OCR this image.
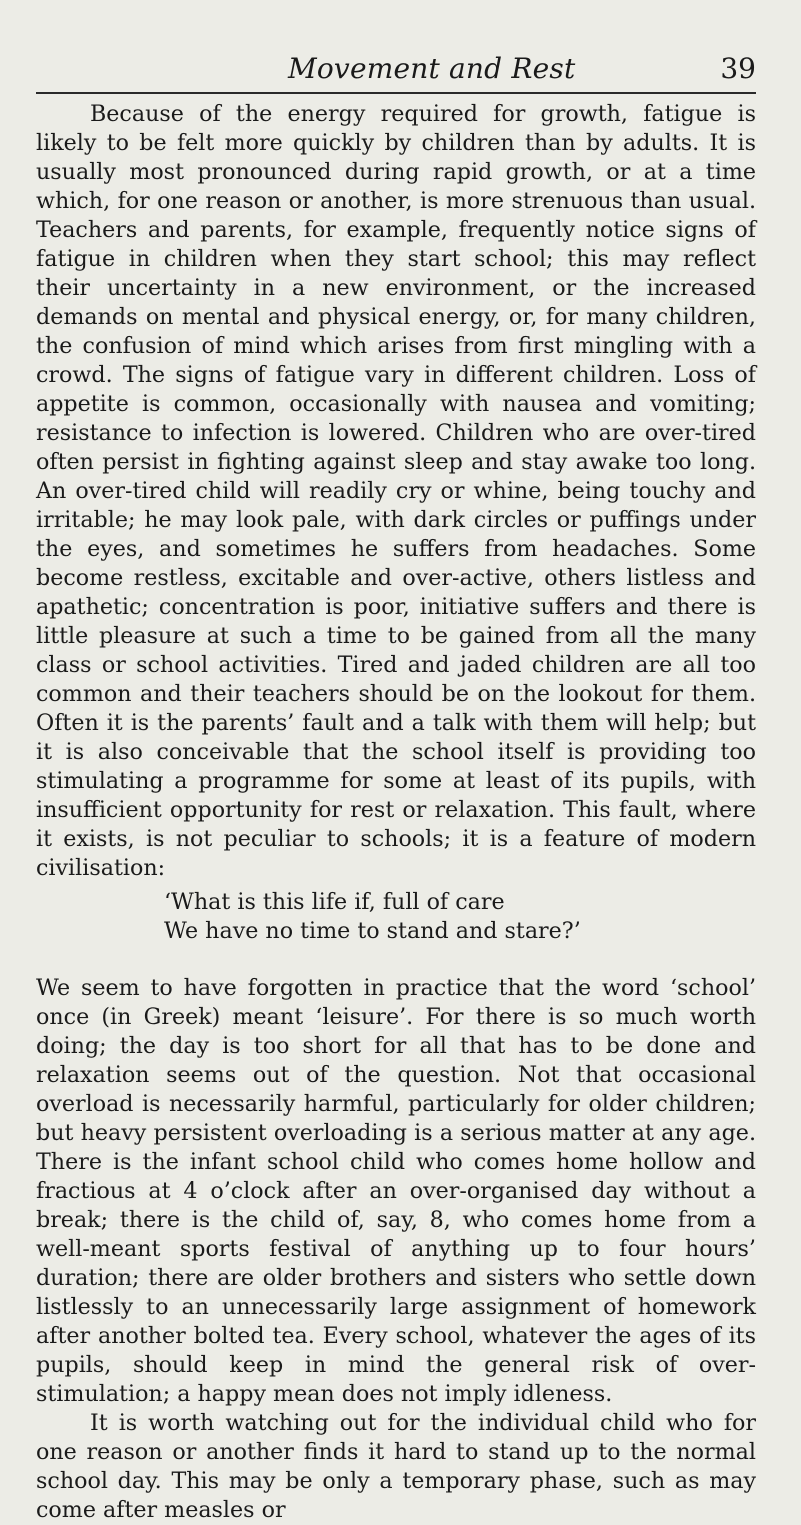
Movement and Rest	39

Because of the energy required for growth, fatigue is likely to be felt more quickly by children than by adults. It is usually most pronounced during rapid growth, or at a time which, for one reason or another, is more strenuous than usual. Teachers and parents, for example, frequently notice signs of fatigue in children when they start school; this may reflect their uncertainty in a new environment, or the increased demands on mental and physical energy, or, for many children, the confusion of mind which arises from first mingling with a crowd. The signs of fatigue vary in different children. Loss of appetite is common, occasionally with nausea and vomiting; resistance to infection is lowered. Children who are over-tired often persist in fighting against sleep and stay awake too long. An over-tired child will readily cry or whine, being touchy and irritable; he may look pale, with dark circles or puffings under the eyes, and sometimes he suffers from headaches. Some become restless, excitable and over-active, others listless and apathetic; concentration is poor, initiative suffers and there is little pleasure at such a time to be gained from all the many class or school activities. Tired and jaded children are all too common and their teachers should be on the lookout for them. Often it is the parents’ fault and a talk with them will help; but it is also conceivable that the school itself is providing too stimulating a programme for some at least of its pupils, with insufficient opportunity for rest or relaxation. This fault, where it exists, is not peculiar to schools; it is a feature of modern civilisation:

‘What is this life if, full of care
We have no time to stand and stare?’

We seem to have forgotten in practice that the word ‘school’ once (in Greek) meant ‘leisure’. For there is so much worth doing; the day is too short for all that has to be done and relaxation seems out of the question. Not that occasional overload is necessarily harmful, particularly for older children; but heavy persistent overloading is a serious matter at any age. There is the infant school child who comes home hollow and fractious at 4 o’clock after an over-organised day without a break; there is the child of, say, 8, who comes home from a well-meant sports festival of anything up to four hours’ duration; there are older brothers and sisters who settle down listlessly to an unnecessarily large assignment of homework after another bolted tea. Every school, whatever the ages of its pupils, should keep in mind the general risk of over-stimulation; a happy mean does not imply idleness.

It is worth watching out for the individual child who for one reason or another finds it hard to stand up to the normal school day. This may be only a temporary phase, such as may come after measles or
